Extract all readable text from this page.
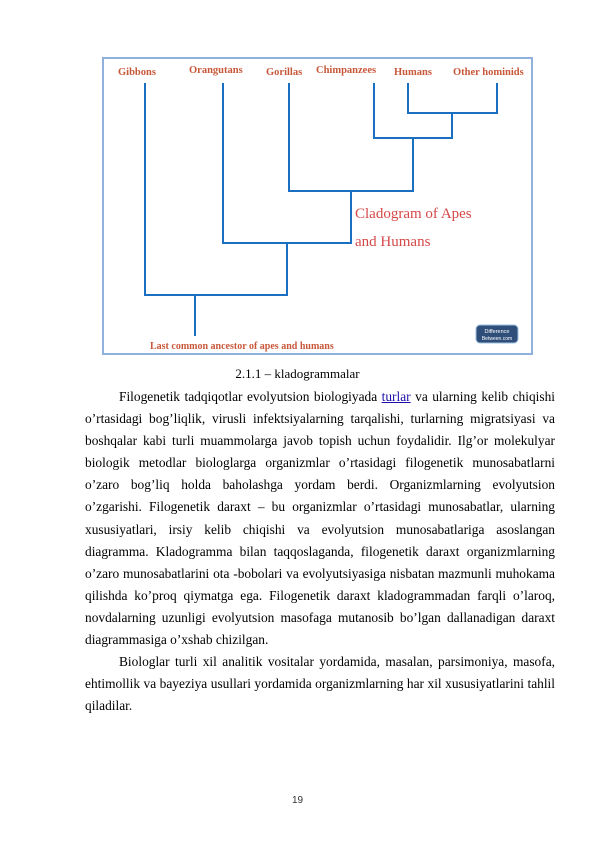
Gibbons	Orangutans Gorillas Chimpanzees Humans Other hominids
Cladogram of Apes
and Humans
Last common ancestor of apes and humans
Difference
Between.com
2.1.1 – kladogrammalar

Filogenetik tadqiqotlar evolyutsion biologiyada turlar va ularning kelib chiqishi o’rtasidagi bog’liqlik, virusli infektsiyalarning tarqalishi, turlarning migratsiyasi va boshqalar kabi turli muammolarga javob topish uchun foydalidir. Ilg’or molekulyar biologik metodlar biologlarga organizmlar o’rtasidagi filogenetik munosabatlarni o’zaro bog’liq holda baholashga yordam berdi. Organizmlarning evolyutsion o’zgarishi. Filogenetik daraxt – bu organizmlar o’rtasidagi munosabatlar, ularning xususiyatlari, irsiy kelib chiqishi va evolyutsion munosabatlariga asoslangan diagramma. Kladogramma bilan taqqoslaganda, filogenetik daraxt organizmlarning o’zaro munosabatlarini ota -bobolari va evolyutsiyasiga nisbatan mazmunli muhokama qilishda ko’proq qiymatga ega. Filogenetik daraxt kladogrammadan farqli o’laroq, novdalarning uzunligi evolyutsion masofaga mutanosib bo’lgan dallanadigan daraxt diagrammasiga o’xshab chizilgan.

Biologlar turli xil analitik vositalar yordamida, masalan, parsimoniya, masofa, ehtimollik va bayeziya usullari yordamida organizmlarning har xil xususiyatlarini tahlil qiladilar.

19
